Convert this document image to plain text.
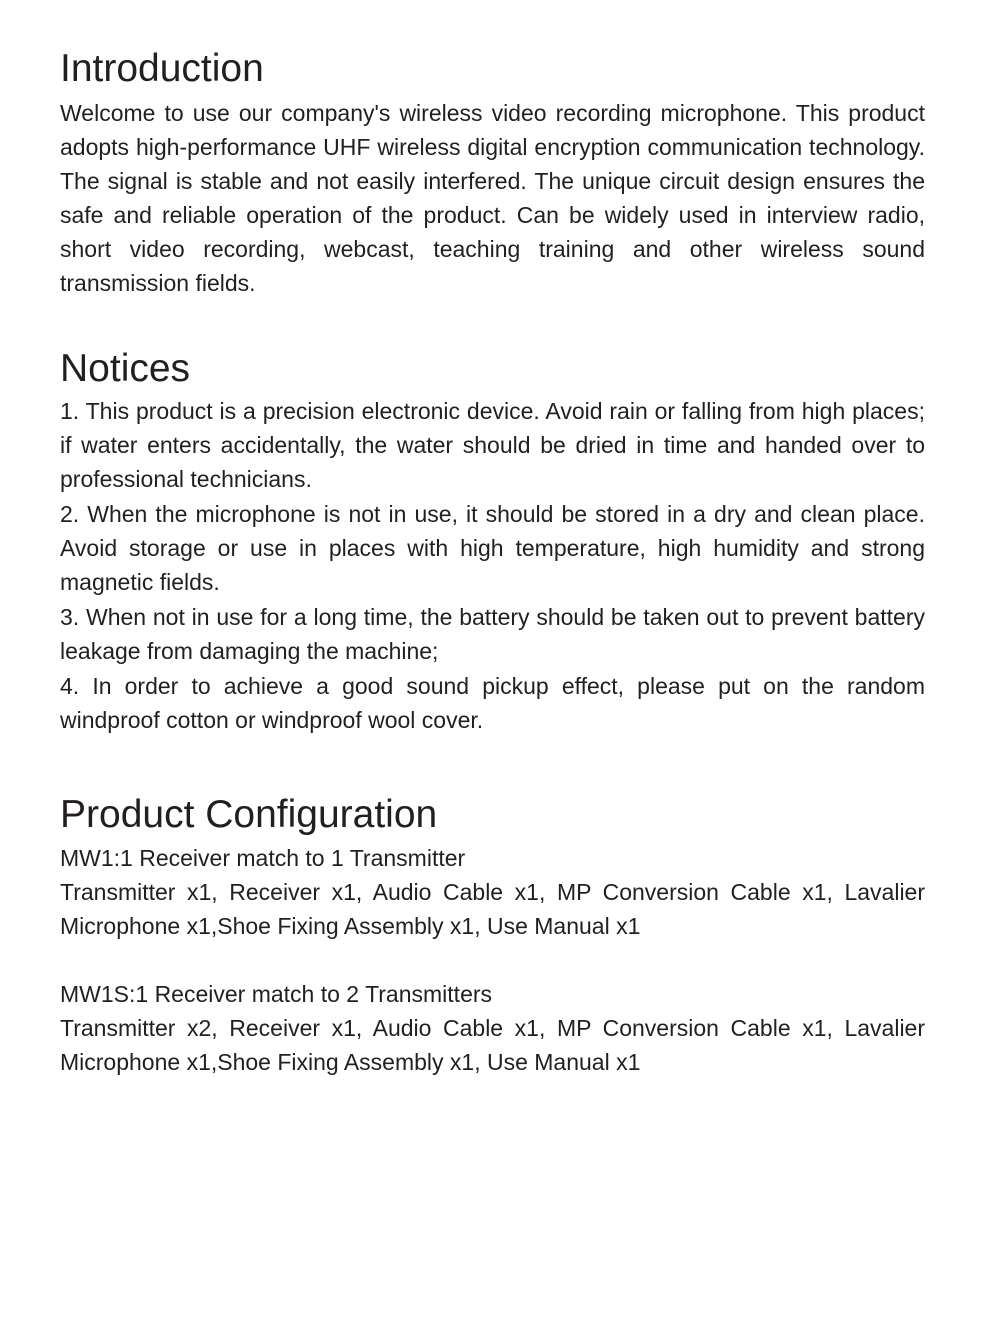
Introduction

Welcome to use our company's wireless video recording microphone. This product adopts high-performance UHF wireless digital encryption communication technology. The signal is stable and not easily interfered. The unique circuit design ensures the safe and reliable operation of the product. Can be widely used in interview radio, short video recording, webcast, teaching training and other wireless sound transmission fields.

Notices

1. This product is a precision electronic device. Avoid rain or falling from high places; if water enters accidentally, the water should be dried in time and handed over to professional technicians.

2. When the microphone is not in use, it should be stored in a dry and clean place. Avoid storage or use in places with high temperature, high humidity and strong magnetic fields.

3. When not in use for a long time, the battery should be taken out to prevent battery leakage from damaging the machine;

4. In order to achieve a good sound pickup effect, please put on the random windproof cotton or windproof wool cover.

Product Configuration

MW1:1 Receiver match to 1 Transmitter

Transmitter x1, Receiver x1, Audio Cable x1, MP Conversion Cable x1, Lavalier Microphone x1,Shoe Fixing Assembly x1, Use Manual x1

MW1S:1 Receiver match to 2 Transmitters

Transmitter x2, Receiver x1, Audio Cable x1, MP Conversion Cable x1, Lavalier Microphone x1,Shoe Fixing Assembly x1, Use Manual x1
